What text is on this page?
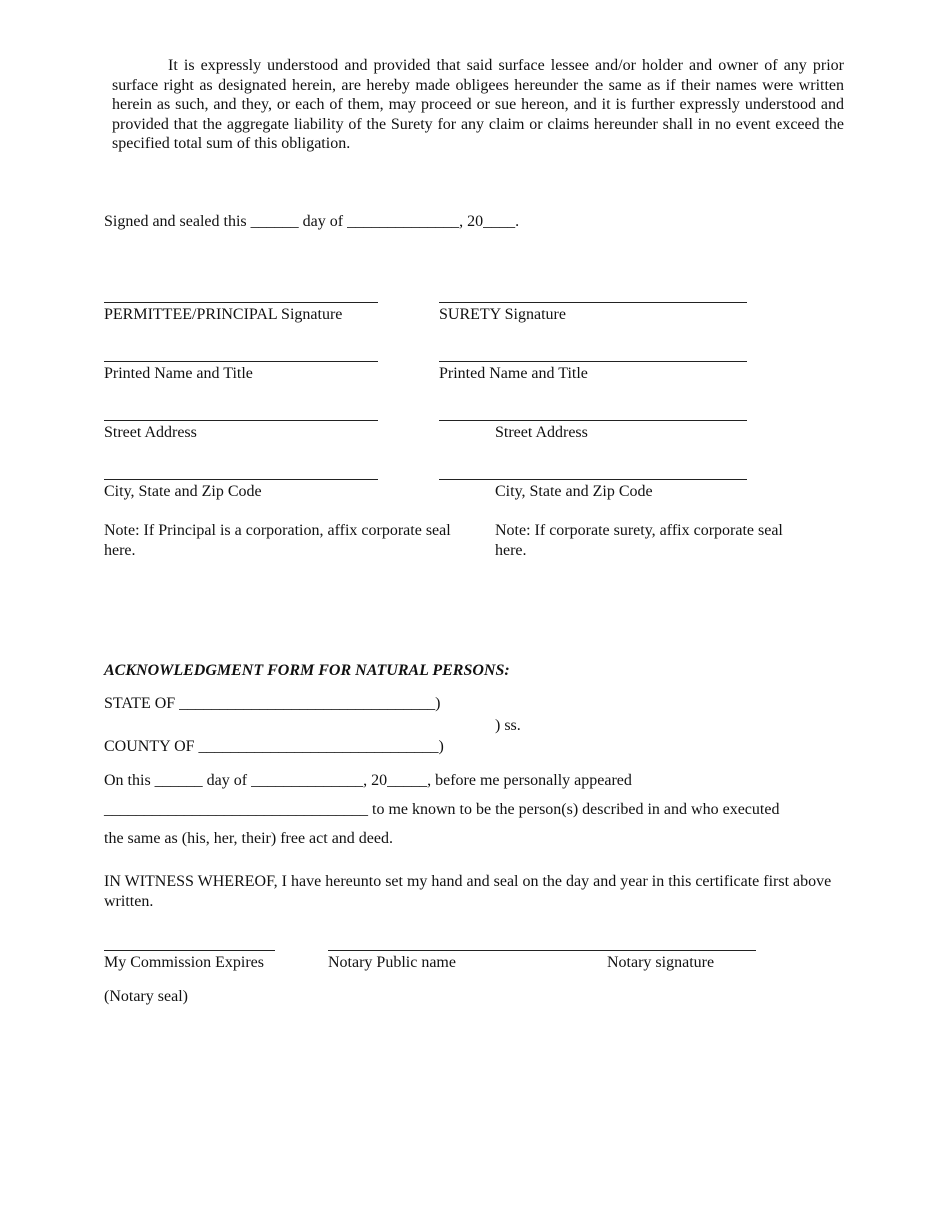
It is expressly understood and provided that said surface lessee and/or holder and owner of any prior surface right as designated herein, are hereby made obligees hereunder the same as if their names were written herein as such, and they, or each of them, may proceed or sue hereon, and it is further expressly understood and provided that the aggregate liability of the Surety for any claim or claims hereunder shall in no event exceed the specified total sum of this obligation.
Signed and sealed this ______ day of ______________, 20____.
PERMITTEE/PRINCIPAL Signature
Printed Name and Title
Street Address
City, State and Zip Code
Note: If Principal is a corporation, affix corporate seal here.
SURETY Signature
Printed Name and Title
Street Address
City, State and Zip Code
Note: If corporate surety, affix corporate seal here.
ACKNOWLEDGMENT FORM FOR NATURAL PERSONS:
STATE OF ________________________________)
) ss.
COUNTY OF ______________________________)
On this ______ day of ______________, 20_____, before me personally appeared
_________________________________ to me known to be the person(s) described in and who executed
the same as (his, her, their) free act and deed.
IN WITNESS WHEREOF, I have hereunto set my hand and seal on the day and year in this certificate first above written.
My Commission Expires	Notary Public name	Notary signature
(Notary seal)
